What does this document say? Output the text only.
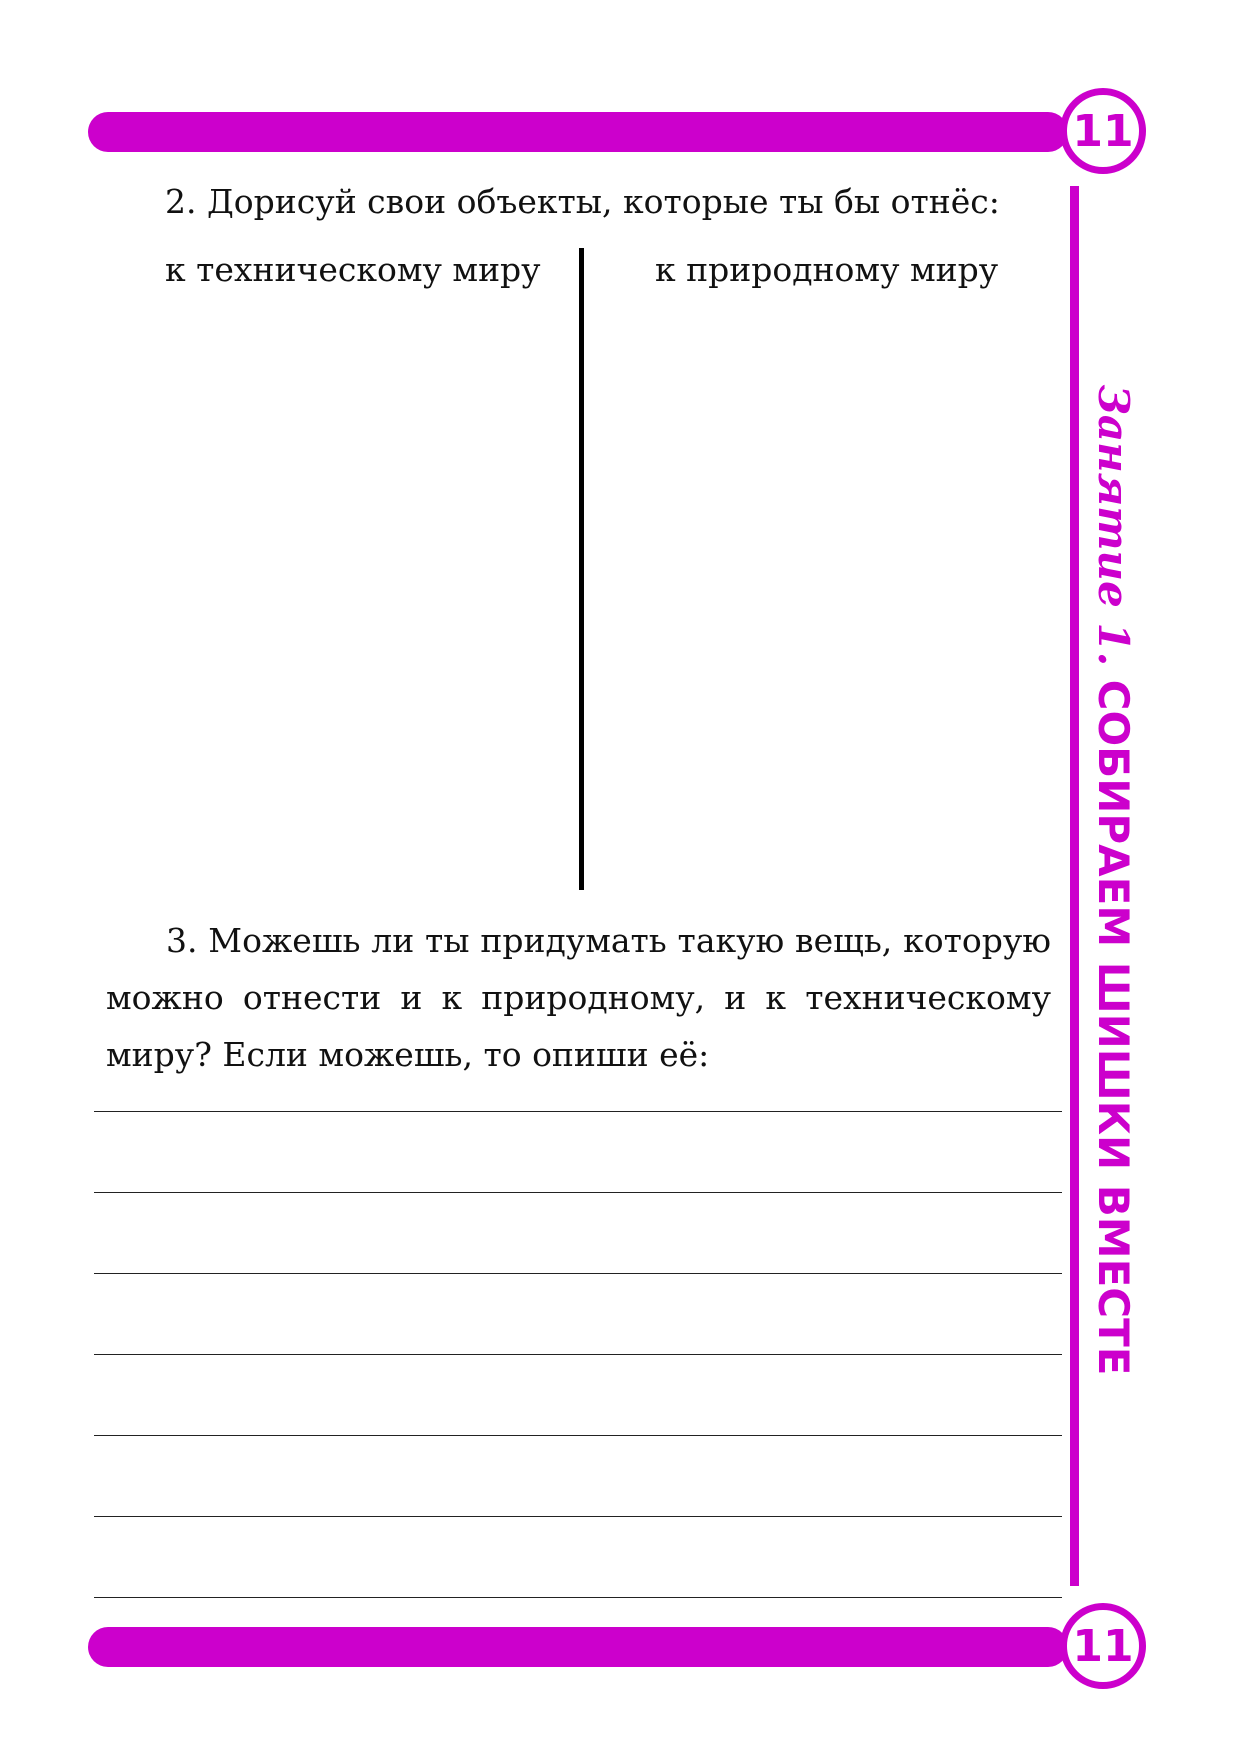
11
Занятие 1. СОБИРАЕМ ШИШКИ ВМЕСТЕ
2. Дорисуй свои объекты, которые ты бы отнёс:
к техническому миру	к природному миру

3. Можешь ли ты придумать такую вещь, которую можно отнести и к природному, и к техническому миру? Если можешь, то опиши её:

11
